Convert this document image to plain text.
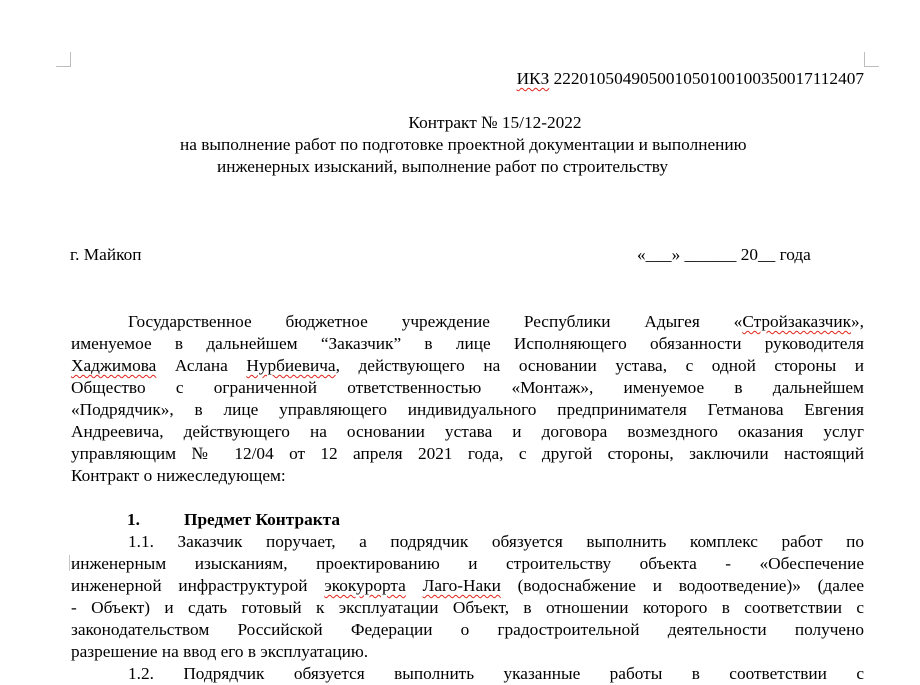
ИКЗ 222010504905001050100100350017112407
Контракт № 15/12-2022
на выполнение работ по подготовке проектной документации и выполнению
инженерных изысканий, выполнение работ по строительству
г. Майкоп	«___» ______ 20__ года
Государственное бюджетное учреждение Республики Адыгея «Стройзаказчик»,
именуемое в дальнейшем “Заказчик” в лице Исполняющего обязанности руководителя
Хаджимова Аслана Нурбиевича, действующего на основании устава, с одной стороны и
Общество с ограниченной ответственностью «Монтаж», именуемое в дальнейшем
«Подрядчик», в лице управляющего индивидуального предпринимателя Гетманова Евгения
Андреевича, действующего на основании устава и договора возмездного оказания услуг
управляющим № 12/04 от 12 апреля 2021 года, с другой стороны, заключили настоящий
Контракт о нижеследующем:
1.	Предмет Контракта
1.1. Заказчик поручает, а подрядчик обязуется выполнить комплекс работ по
инженерным изысканиям, проектированию и строительству объекта - «Обеспечение
инженерной инфраструктурой экокурорта Лаго-Наки (водоснабжение и водоотведение)» (далее
- Объект) и сдать готовый к эксплуатации Объект, в отношении которого в соответствии с
законодательством Российской Федерации о градостроительной деятельности получено
разрешение на ввод его в эксплуатацию.
1.2. Подрядчик обязуется выполнить указанные работы в соответствии с
